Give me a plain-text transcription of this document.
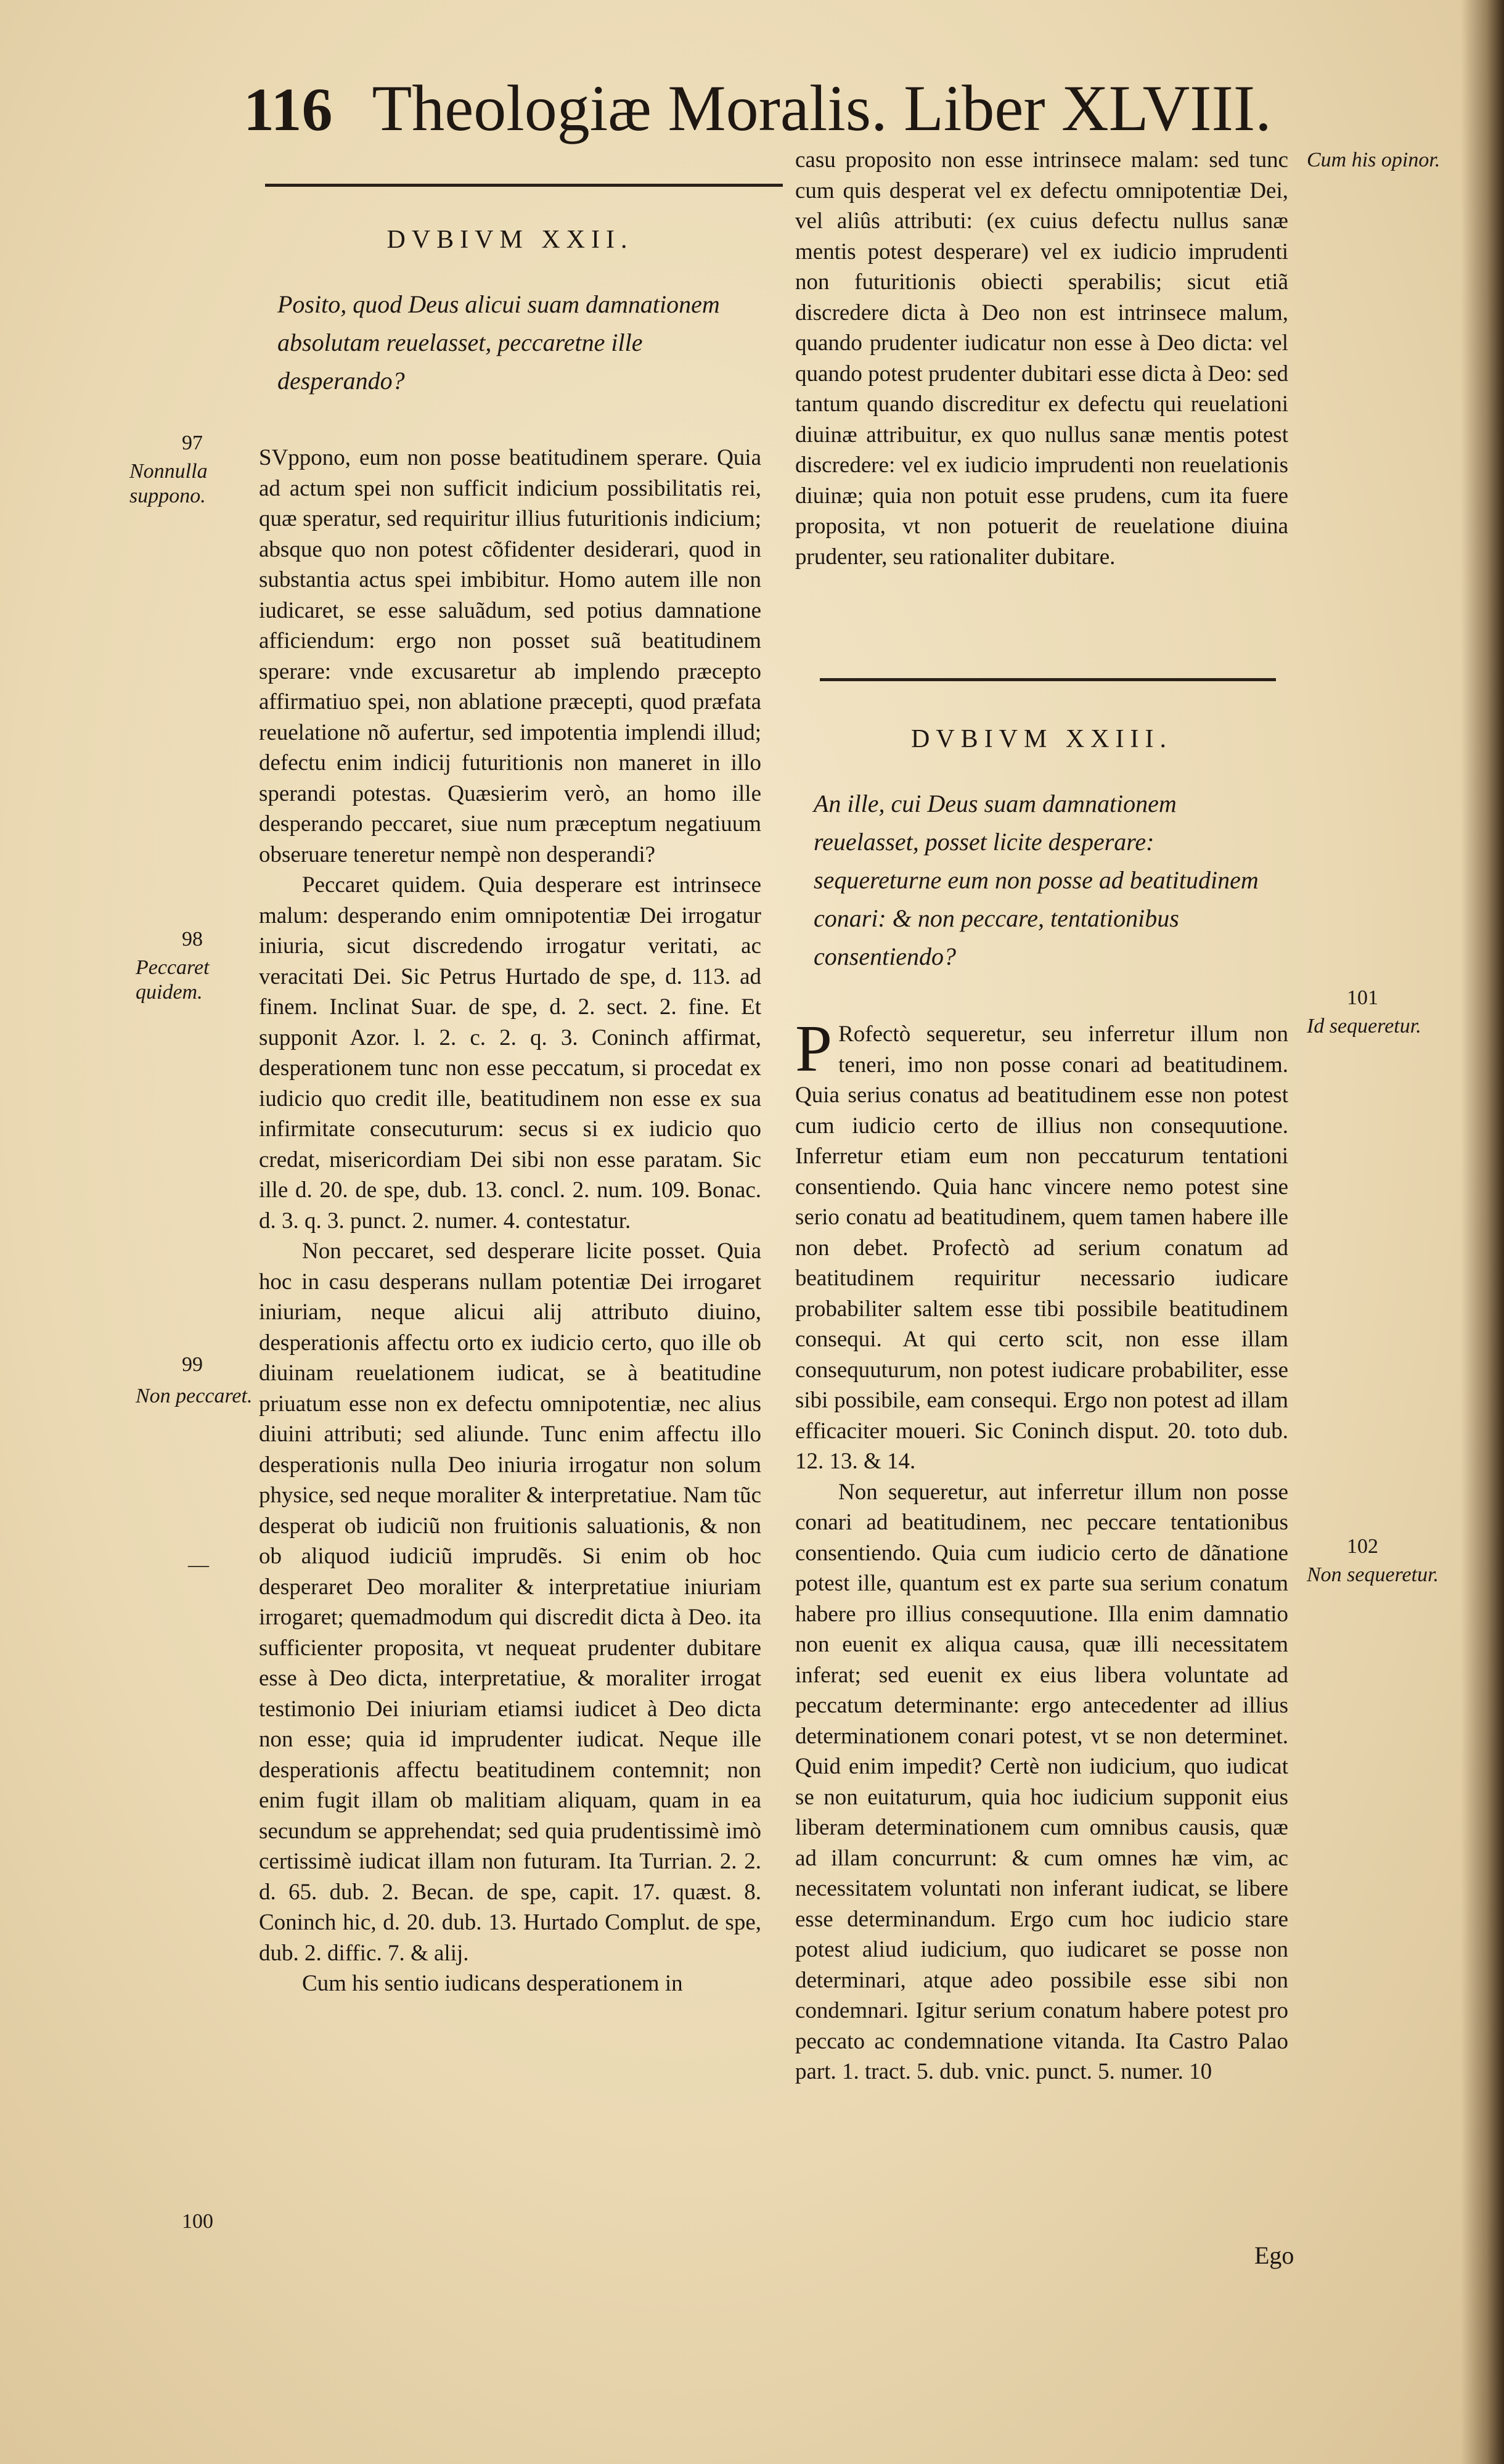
116 Theologiæ Moralis. Liber XLVIII.
DVBIVM XXII.
Posito, quod Deus alicui suam damnationem absolutam reuelasset, peccaretne ille desperando?

SVppono, eum non posse beatitudinem sperare. Quia ad actum spei non sufficit indicium possibilitatis rei, quæ speratur, sed requiritur illius futuritionis indicium; absque quo non potest cõfidenter desiderari, quod in substantia actus spei imbibitur. Homo autem ille non iudicaret, se esse saluãdum, sed potius damnatione afficiendum: ergo non posset suã beatitudinem sperare: vnde excusaretur ab implendo præcepto affirmatiuo spei, non ablatione præcepti, quod præfata reuelatione nõ aufertur, sed impotentia implendi illud; defectu enim indicij futuritionis non maneret in illo sperandi potestas. Quæsierim verò, an homo ille desperando peccaret, siue num præceptum negatiuum obseruare teneretur nempè non desperandi?

Peccaret quidem. Quia desperare est intrinsece malum: desperando enim omnipotentiæ Dei irrogatur iniuria, sicut discredendo irrogatur veritati, ac veracitati Dei. Sic Petrus Hurtado de spe, d. 113. ad finem. Inclinat Suar. de spe, d. 2. sect. 2. fine. Et supponit Azor. l. 2. c. 2. q. 3. Coninch affirmat, desperationem tunc non esse peccatum, si procedat ex iudicio quo credit ille, beatitudinem non esse ex sua infirmitate consecuturum: secus si ex iudicio quo credat, misericordiam Dei sibi non esse paratam. Sic ille d. 20. de spe, dub. 13. concl. 2. num. 109. Bonac. d. 3. q. 3. punct. 2. numer. 4. contestatur.

Non peccaret, sed desperare licite posset. Quia hoc in casu desperans nullam potentiæ Dei irrogaret iniuriam, neque alicui alij attributo diuino, desperationis affectu orto ex iudicio certo, quo ille ob diuinam reuelationem iudicat, se à beatitudine priuatum esse non ex defectu omnipotentiæ, nec alius diuini attributi; sed aliunde. Tunc enim affectu illo desperationis nulla Deo iniuria irrogatur non solum physice, sed neque moraliter & interpretatiue. Nam tũc desperat ob iudiciũ non fruitionis saluationis, & non ob aliquod iudiciũ imprudẽs. Si enim ob hoc desperaret Deo moraliter & interpretatiue iniuriam irrogaret; quemadmodum qui discredit dicta à Deo. ita sufficienter proposita, vt nequeat prudenter dubitare esse à Deo dicta, interpretatiue, & moraliter irrogat testimonio Dei iniuriam etiamsi iudicet à Deo dicta non esse; quia id imprudenter iudicat. Neque ille desperationis affectu beatitudinem contemnit; non enim fugit illam ob malitiam aliquam, quam in ea secundum se apprehendat; sed quia prudentissimè imò certissimè iudicat illam non futuram. Ita Turrian. 2. 2. d. 65. dub. 2. Becan. de spe, capit. 17. quæst. 8. Coninch hic, d. 20. dub. 13. Hurtado Complut. de spe, dub. 2. diffic. 7. & alij.

Cum his sentio iudicans desperationem in

97
Nonnulla suppono.
98
Peccaret quidem.
99
Non peccaret.
—
100

casu proposito non esse intrinsece malam: sed tunc cum quis desperat vel ex defectu omnipotentiæ Dei, vel aliûs attributi: (ex cuius defectu nullus sanæ mentis potest desperare) vel ex iudicio imprudenti non futuritionis obiecti sperabilis; sicut etiã discredere dicta à Deo non est intrinsece malum, quando prudenter iudicatur non esse à Deo dicta: vel quando potest prudenter dubitari esse dicta à Deo: sed tantum quando discreditur ex defectu qui reuelationi diuinæ attribuitur, ex quo nullus sanæ mentis potest discredere: vel ex iudicio imprudenti non reuelationis diuinæ; quia non potuit esse prudens, cum ita fuere proposita, vt non potuerit de reuelatione diuina prudenter, seu rationaliter dubitare.

DVBIVM XXIII.
An ille, cui Deus suam damnationem reuelasset, posset licite desperare: sequereturne eum non posse ad beatitudinem conari: & non peccare, tentationibus consentiendo?

P Rofectò sequeretur, seu inferretur illum non teneri, imo non posse conari ad beatitudinem. Quia serius conatus ad beatitudinem esse non potest cum iudicio certo de illius non consequutione. Inferretur etiam eum non peccaturum tentationi consentiendo. Quia hanc vincere nemo potest sine serio conatu ad beatitudinem, quem tamen habere ille non debet. Profectò ad serium conatum ad beatitudinem requiritur necessario iudicare probabiliter saltem esse tibi possibile beatitudinem consequi. At qui certo scit, non esse illam consequuturum, non potest iudicare probabiliter, esse sibi possibile, eam consequi. Ergo non potest ad illam efficaciter moueri. Sic Coninch disput. 20. toto dub. 12. 13. & 14.

Non sequeretur, aut inferretur illum non posse conari ad beatitudinem, nec peccare tentationibus consentiendo. Quia cum iudicio certo de dãnatione potest ille, quantum est ex parte sua serium conatum habere pro illius consequutione. Illa enim damnatio non euenit ex aliqua causa, quæ illi necessitatem inferat; sed euenit ex eius libera voluntate ad peccatum determinante: ergo antecedenter ad illius determinationem conari potest, vt se non determinet. Quid enim impedit? Certè non iudicium, quo iudicat se non euitaturum, quia hoc iudicium supponit eius liberam determinationem cum omnibus causis, quæ ad illam concurrunt: & cum omnes hæ vim, ac necessitatem voluntati non inferant iudicat, se libere esse determinandum. Ergo cum hoc iudicio stare potest aliud iudicium, quo iudicaret se posse non determinari, atque adeo possibile esse sibi non condemnari. Igitur serium conatum habere potest pro peccato ac condemnatione vitanda. Ita Castro Palao part. 1. tract. 5. dub. vnic. punct. 5. numer. 10

Cum his opinor.
101
Id sequeretur.
102
Non sequeretur.
Ego
